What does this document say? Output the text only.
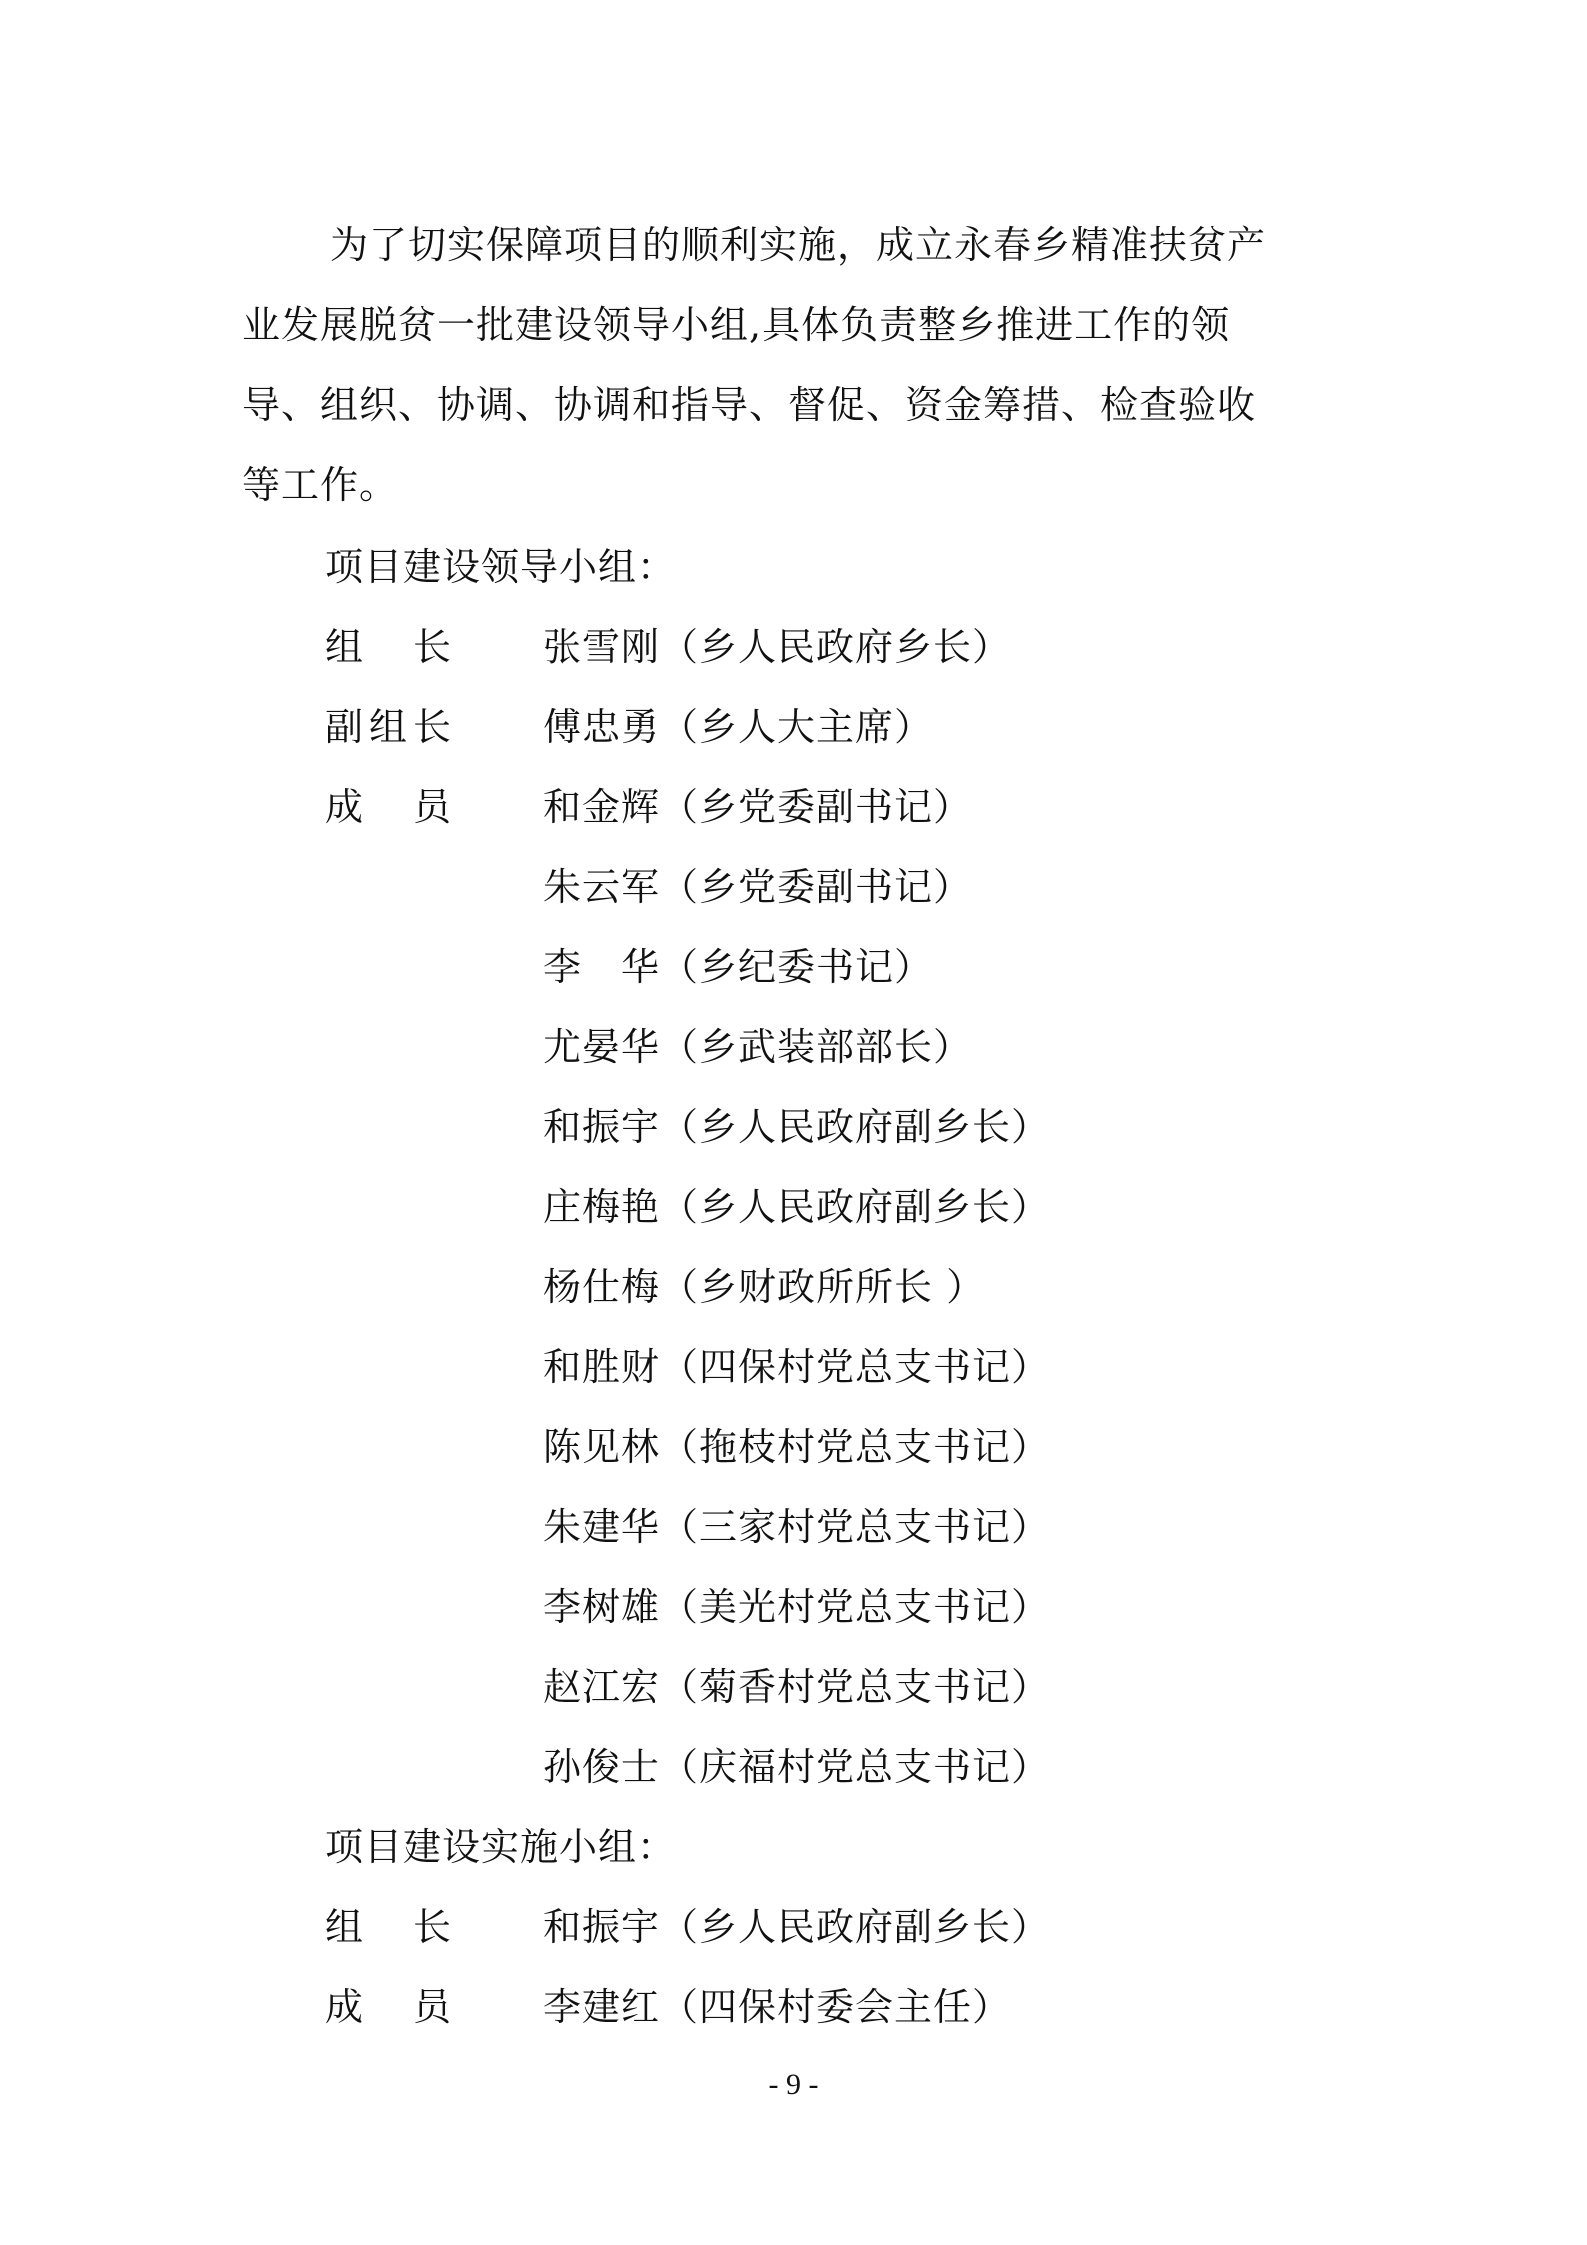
为了切实保障项目的顺利实施，成立永春乡精准扶贫产
业发展脱贫一批建设领导小组,具体负责整乡推进工作的领
导、组织、协调、协调和指导、督促、资金筹措、检查验收
等工作。
项目建设领导小组：
组　长 张雪刚（乡人民政府乡长）
副组长 傅忠勇（乡人大主席）
成　员 和金辉（乡党委副书记）
朱云军（乡党委副书记）
李　华（乡纪委书记）
尤晏华（乡武装部部长）
和振宇（乡人民政府副乡长）
庄梅艳（乡人民政府副乡长）
杨仕梅（乡财政所所长 ）
和胜财（四保村党总支书记）
陈见林（拖枝村党总支书记）
朱建华（三家村党总支书记）
李树雄（美光村党总支书记）
赵江宏（菊香村党总支书记）
孙俊士（庆福村党总支书记）
项目建设实施小组：
组　长 和振宇（乡人民政府副乡长）
成　员 李建红（四保村委会主任）
- 9 -
